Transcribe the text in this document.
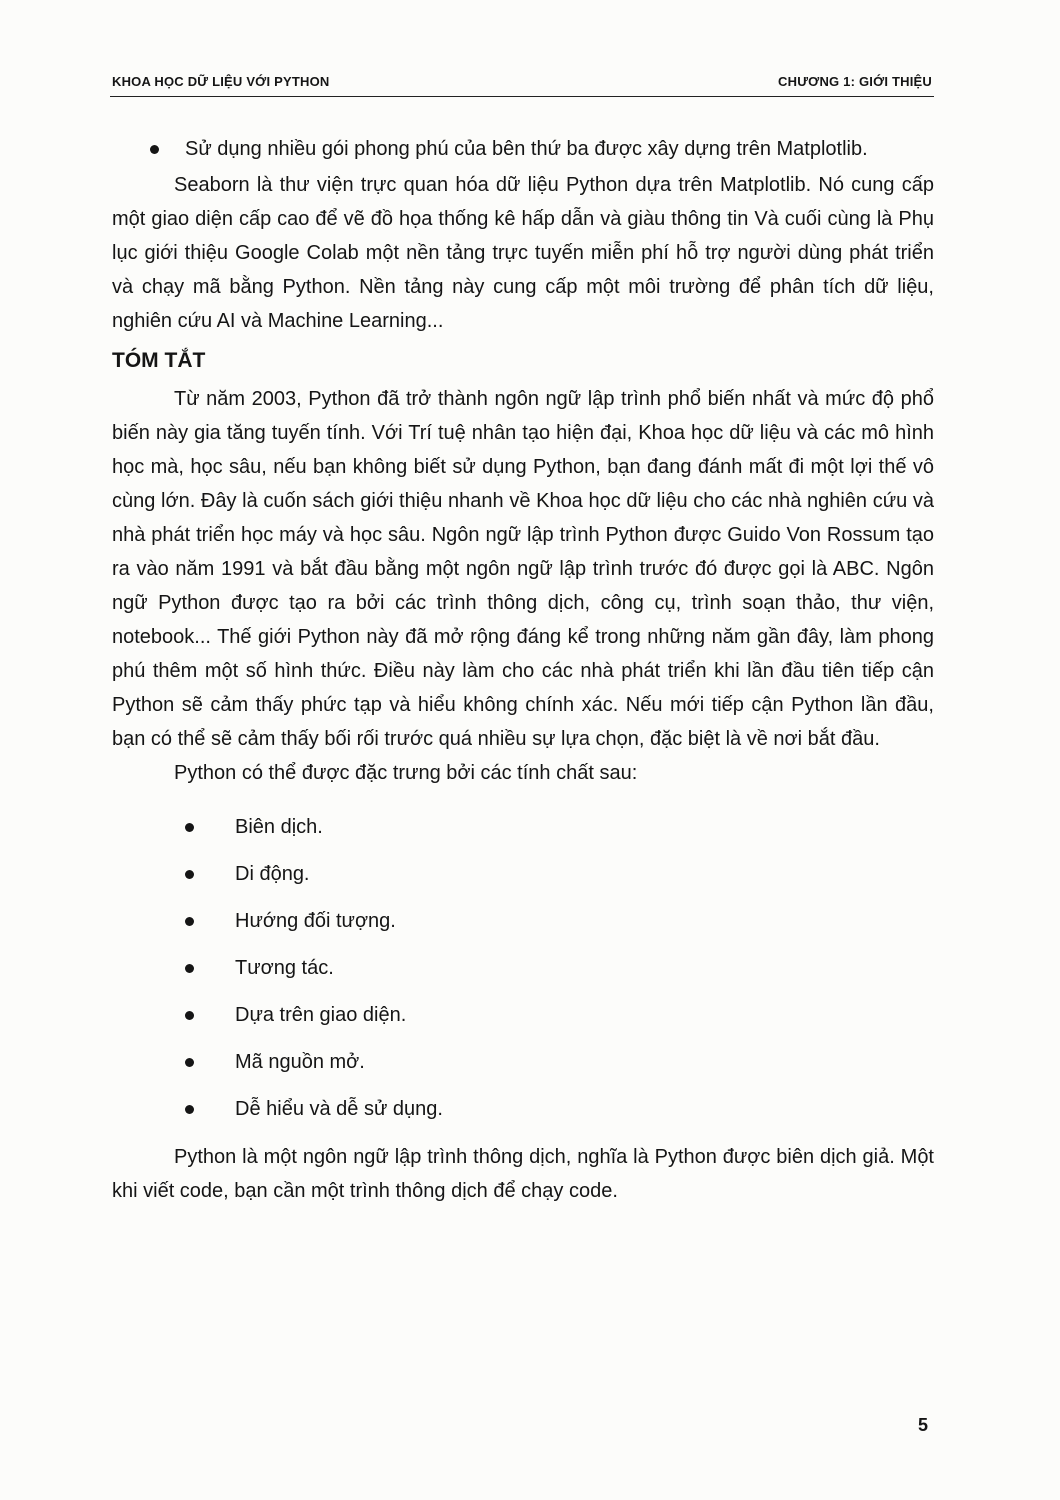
KHOA HỌC DỮ LIỆU VỚI PYTHON	CHƯƠNG 1: GIỚI THIỆU
Sử dụng nhiều gói phong phú của bên thứ ba được xây dựng trên Matplotlib.

Seaborn là thư viện trực quan hóa dữ liệu Python dựa trên Matplotlib. Nó cung cấp một giao diện cấp cao để vẽ đồ họa thống kê hấp dẫn và giàu thông tin Và cuối cùng là Phụ lục giới thiệu Google Colab một nền tảng trực tuyến miễn phí hỗ trợ người dùng phát triển và chạy mã bằng Python. Nền tảng này cung cấp một môi trường để phân tích dữ liệu, nghiên cứu AI và Machine Learning...

TÓM TẮT

Từ năm 2003, Python đã trở thành ngôn ngữ lập trình phổ biến nhất và mức độ phổ biến này gia tăng tuyến tính. Với Trí tuệ nhân tạo hiện đại, Khoa học dữ liệu và các mô hình học mà, học sâu, nếu bạn không biết sử dụng Python, bạn đang đánh mất đi một lợi thế vô cùng lớn. Đây là cuốn sách giới thiệu nhanh về Khoa học dữ liệu cho các nhà nghiên cứu và nhà phát triển học máy và học sâu. Ngôn ngữ lập trình Python được Guido Von Rossum tạo ra vào năm 1991 và bắt đầu bằng một ngôn ngữ lập trình trước đó được gọi là ABC. Ngôn ngữ Python được tạo ra bởi các trình thông dịch, công cụ, trình soạn thảo, thư viện, notebook... Thế giới Python này đã mở rộng đáng kể trong những năm gần đây, làm phong phú thêm một số hình thức. Điều này làm cho các nhà phát triển khi lần đầu tiên tiếp cận Python sẽ cảm thấy phức tạp và hiểu không chính xác. Nếu mới tiếp cận Python lần đầu, bạn có thể sẽ cảm thấy bối rối trước quá nhiều sự lựa chọn, đặc biệt là về nơi bắt đầu.

Python có thể được đặc trưng bởi các tính chất sau:

Biên dịch.
Di động.
Hướng đối tượng.
Tương tác.
Dựa trên giao diện.
Mã nguồn mở.
Dễ hiểu và dễ sử dụng.

Python là một ngôn ngữ lập trình thông dịch, nghĩa là Python được biên dịch giả. Một khi viết code, bạn cần một trình thông dịch để chạy code.

5
